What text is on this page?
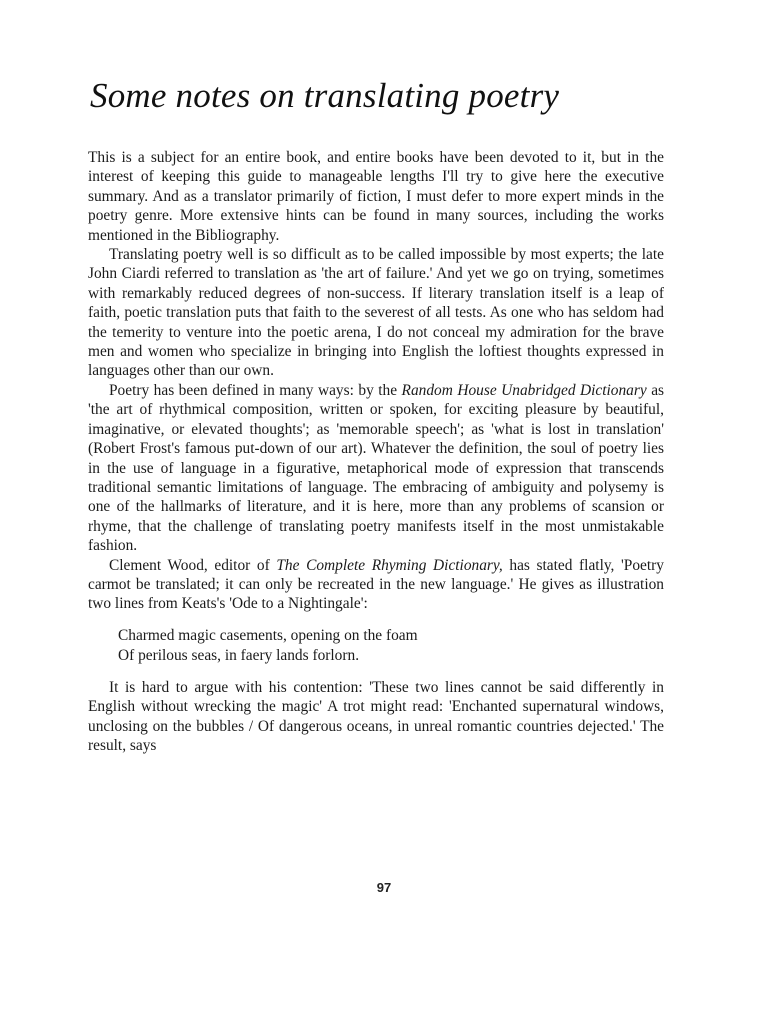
Some notes on translating poetry

This is a subject for an entire book, and entire books have been devoted to it, but in the interest of keeping this guide to manageable lengths I'll try to give here the executive summary. And as a translator primarily of fiction, I must defer to more expert minds in the poetry genre. More extensive hints can be found in many sources, including the works mentioned in the Bibliography.

Translating poetry well is so difficult as to be called impossible by most experts; the late John Ciardi referred to translation as 'the art of failure.' And yet we go on trying, sometimes with remarkably reduced degrees of non-success. If literary translation itself is a leap of faith, poetic translation puts that faith to the severest of all tests. As one who has seldom had the temerity to venture into the poetic arena, I do not conceal my admiration for the brave men and women who specialize in bringing into English the loftiest thoughts expressed in languages other than our own.

Poetry has been defined in many ways: by the Random House Unabridged Dictionary as 'the art of rhythmical composition, written or spoken, for exciting pleasure by beautiful, imaginative, or elevated thoughts'; as 'memorable speech'; as 'what is lost in translation' (Robert Frost's famous put-down of our art). Whatever the definition, the soul of poetry lies in the use of language in a figurative, metaphorical mode of expression that transcends traditional semantic limitations of language. The embracing of ambiguity and polysemy is one of the hallmarks of literature, and it is here, more than any problems of scansion or rhyme, that the challenge of translating poetry manifests itself in the most unmistakable fashion.

Clement Wood, editor of The Complete Rhyming Dictionary, has stated flatly, 'Poetry carmot be translated; it can only be recreated in the new language.' He gives as illustration two lines from Keats's 'Ode to a Nightingale':

Charmed magic casements, opening on the foam
Of perilous seas, in faery lands forlorn.

It is hard to argue with his contention: 'These two lines cannot be said differently in English without wrecking the magic' A trot might read: 'Enchanted supernatural windows, unclosing on the bubbles / Of dangerous oceans, in unreal romantic countries dejected.' The result, says

97
